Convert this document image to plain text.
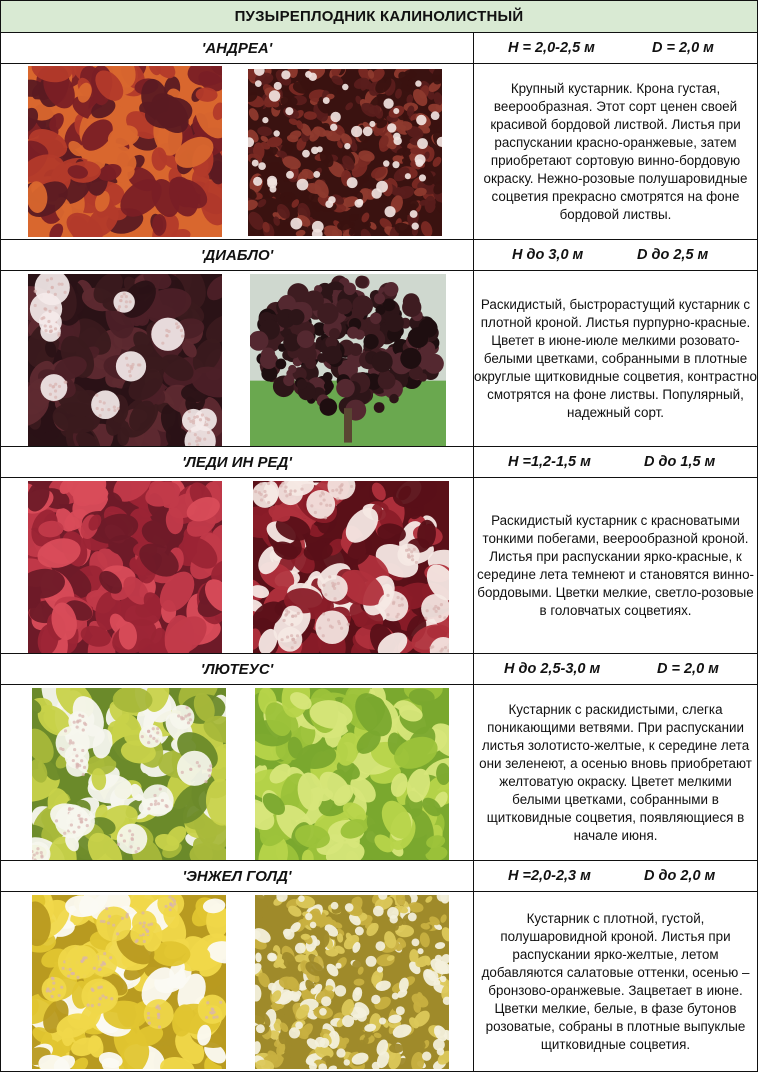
ПУЗЫРЕПЛОДНИК КАЛИНОЛИСТНЫЙ	
'АНДРЕА'	H = 2,0-2,5 м D = 2,0 м

	Крупный кустарник. Крона густая, веерообразная. Этот сорт ценен своей красивой бордовой листвой. Листья при распускании красно-оранжевые, затем приобретают сортовую винно-бордовую окраску. Нежно-розовые полушаровидные соцветия прекрасно смотрятся на фоне бордовой листвы.
'ДИАБЛО'	H до 3,0 м D до 2,5 м

	Раскидистый, быстрорастущий кустарник с плотной кроной. Листья пурпурно-красные. Цветет в июне-июле мелкими розовато-белыми цветками, собранными в плотные округлые щитковидные соцветия, контрастно смотрятся на фоне листвы. Популярный, надежный сорт.
'ЛЕДИ ИН РЕД'	H =1,2-1,5 м D до 1,5 м

	Раскидистый кустарник с красноватыми тонкими побегами, веерообразной кроной. Листья при распускании ярко-красные, к середине лета темнеют и становятся винно-бордовыми. Цветки мелкие, светло-розовые в головчатых соцветиях.
'ЛЮТЕУС'	H до 2,5-3,0 м D = 2,0 м

	Кустарник с раскидистыми, слегка поникающими ветвями. При распускании листья золотисто-желтые, к середине лета они зеленеют, а осенью вновь приобретают желтоватую окраску. Цветет мелкими белыми цветками, собранными в щитковидные соцветия, появляющиеся в начале июня.
'ЭНЖЕЛ ГОЛД'	H =2,0-2,3 м D до 2,0 м

	Кустарник с плотной, густой, полушаровидной кроной. Листья при распускании ярко-желтые, летом добавляются салатовые оттенки, осенью – бронзово-оранжевые. Зацветает в июне. Цветки мелкие, белые, в фазе бутонов розоватые, собраны в плотные выпуклые щитковидные соцветия.
